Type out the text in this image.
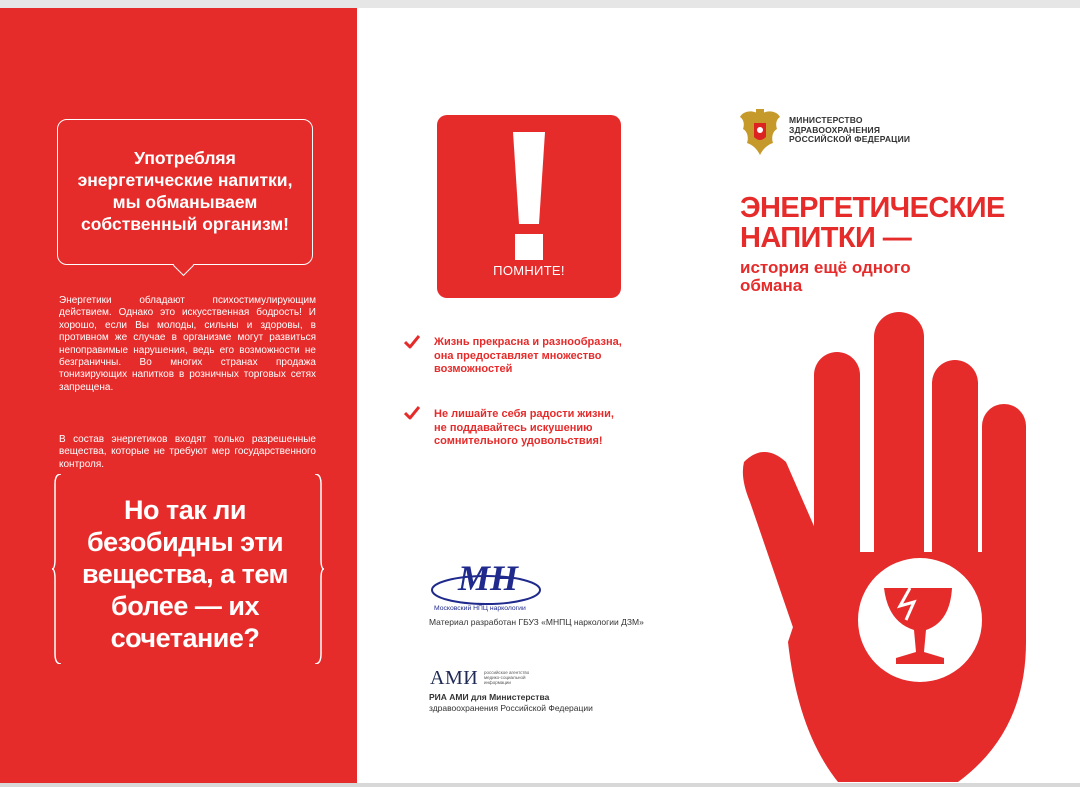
Употребляя
энергетические напитки,
мы обманываем
собственный организм!
Энергетики обладают психостимулирующим действием. Однако это искусственная бодрость! И хорошо, если Вы молоды, сильны и здоровы, в противном же случае в организме могут развиться непоправимые нарушения, ведь его возможности не безграничны. Во многих странах продажа тонизирующих напитков в розничных торговых сетях запрещена.
В состав энергетиков входят только разрешенные вещества, которые не требуют мер государственного контроля.
Но так ли
безобидны эти
вещества, а тем
более — их
сочетание?
ПОМНИТЕ!
Жизнь прекрасна и разнообразна,
она предоставляет множество
возможностей
Не лишайте себя радости жизни,
не поддавайтесь искушению
сомнительного удовольствия!
МН
Московский НПЦ наркологии
Материал разработан ГБУЗ «МНПЦ наркологии ДЗМ»
АМИ российское агентство медико-социальной информации
РИА АМИ для Министерства
здравоохранения Российской Федерации
МИНИСТЕРСТВО
ЗДРАВООХРАНЕНИЯ
РОССИЙСКОЙ ФЕДЕРАЦИИ
ЭНЕРГЕТИЧЕСКИЕ
НАПИТКИ —
история ещё одного
обмана
